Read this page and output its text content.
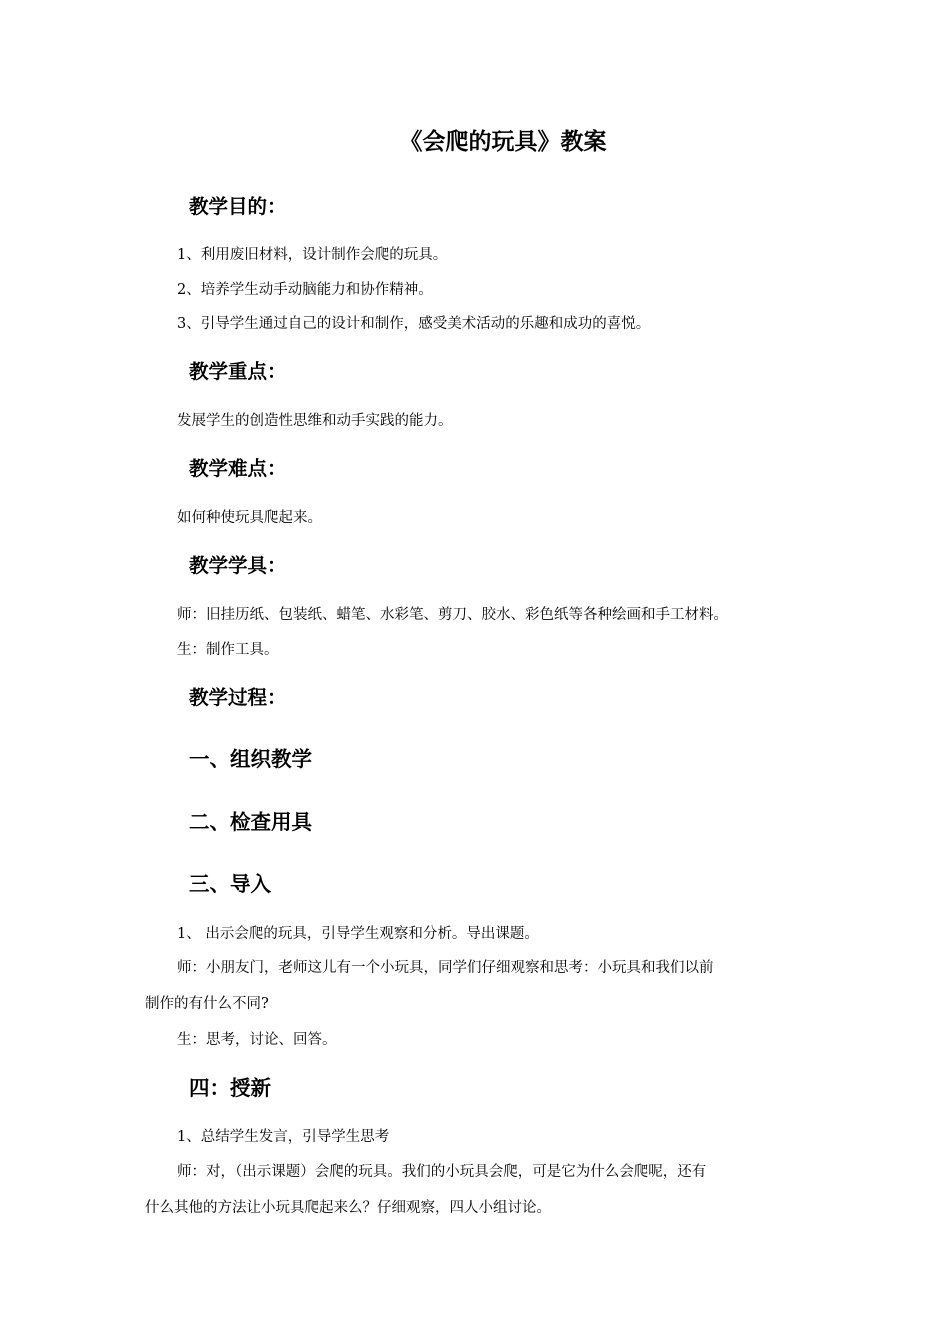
《会爬的玩具》教案
教学目的：
1、利用废旧材料，设计制作会爬的玩具。
2、培养学生动手动脑能力和协作精神。
3、引导学生通过自己的设计和制作，感受美术活动的乐趣和成功的喜悦。
教学重点：
发展学生的创造性思维和动手实践的能力。
教学难点：
如何种使玩具爬起来。
教学学具：
师：旧挂历纸、包装纸、蜡笔、水彩笔、剪刀、胶水、彩色纸等各种绘画和手工材料。
生：制作工具。
教学过程：
一、组织教学
二、检查用具
三、导入
1、 出示会爬的玩具，引导学生观察和分析。导出课题。
师：小朋友门，老师这儿有一个小玩具，同学们仔细观察和思考：小玩具和我们以前
制作的有什么不同?
生：思考，讨论、回答。
四：授新
1、总结学生发言，引导学生思考
师：对，（出示课题）会爬的玩具。我们的小玩具会爬，可是它为什么会爬呢，还有
什么其他的方法让小玩具爬起来么？仔细观察，四人小组讨论。
